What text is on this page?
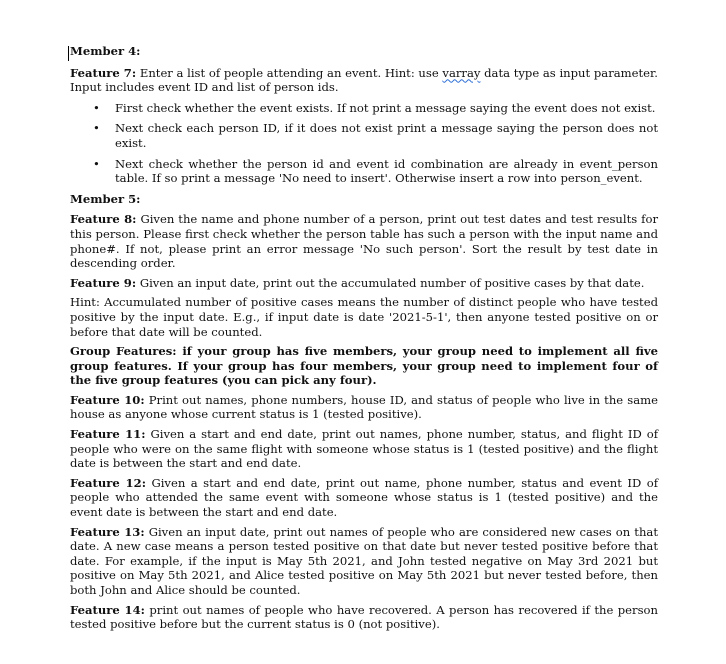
Member 4:

Feature 7: Enter a list of people attending an event. Hint: use varray data type as input parameter. Input includes event ID and list of person ids.

• First check whether the event exists. If not print a message saying the event does not exist.
• Next check each person ID, if it does not exist print a message saying the person does not exist.
• Next check whether the person id and event id combination are already in event_person table. If so print a message 'No need to insert'. Otherwise insert a row into person_event.

Member 5:

Feature 8: Given the name and phone number of a person, print out test dates and test results for this person. Please first check whether the person table has such a person with the input name and phone#. If not, please print an error message 'No such person'. Sort the result by test date in descending order.

Feature 9: Given an input date, print out the accumulated number of positive cases by that date.

Hint: Accumulated number of positive cases means the number of distinct people who have tested positive by the input date. E.g., if input date is date '2021-5-1', then anyone tested positive on or before that date will be counted.

Group Features: if your group has five members, your group need to implement all five group features. If your group has four members, your group need to implement four of the five group features (you can pick any four).

Feature 10: Print out names, phone numbers, house ID, and status of people who live in the same house as anyone whose current status is 1 (tested positive).

Feature 11: Given a start and end date, print out names, phone number, status, and flight ID of people who were on the same flight with someone whose status is 1 (tested positive) and the flight date is between the start and end date.

Feature 12: Given a start and end date, print out name, phone number, status and event ID of people who attended the same event with someone whose status is 1 (tested positive) and the event date is between the start and end date.

Feature 13: Given an input date, print out names of people who are considered new cases on that date. A new case means a person tested positive on that date but never tested positive before that date. For example, if the input is May 5th 2021, and John tested negative on May 3rd 2021 but positive on May 5th 2021, and Alice tested positive on May 5th 2021 but never tested before, then both John and Alice should be counted.

Feature 14: print out names of people who have recovered. A person has recovered if the person tested positive before but the current status is 0 (not positive).
